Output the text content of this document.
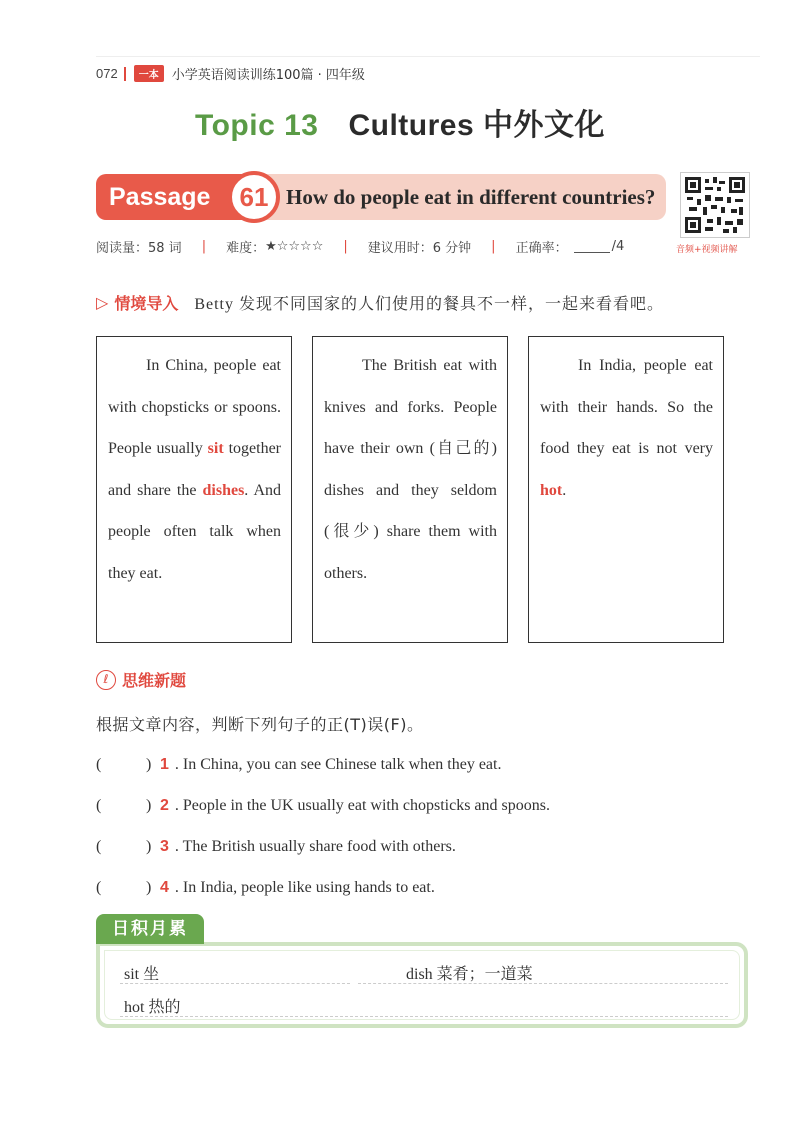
072	一本	小学英语阅读训练100篇 · 四年级
Topic 13 Cultures 中外文化
Passage	61 How do people eat in different countries?
音频+视频讲解
阅读量：58 词 | 难度： ★☆☆☆☆ | 建议用时：6 分钟 | 正确率：	/4
▷ 情境导入 Betty 发现不同国家的人们使用的餐具不一样，一起来看看吧。
In China, people eat with chopsticks or spoons. People usually sit together and share the dishes. And people often talk when they eat.
The British eat with knives and forks. People have their own (自己的) dishes and they seldom (很少) share them with others.
In India, people eat with their hands. So the food they eat is not very hot.
ℓ 思维新题
根据文章内容，判断下列句子的正(T)误(F)。
(	) 1 . In China, you can see Chinese talk when they eat.
(	) 2 . People in the UK usually eat with chopsticks and spoons.
(	) 3 . The British usually share food with others.
(	) 4 . In India, people like using hands to eat.
sit 坐	dish 菜肴；一道菜
hot 热的
日积月累
